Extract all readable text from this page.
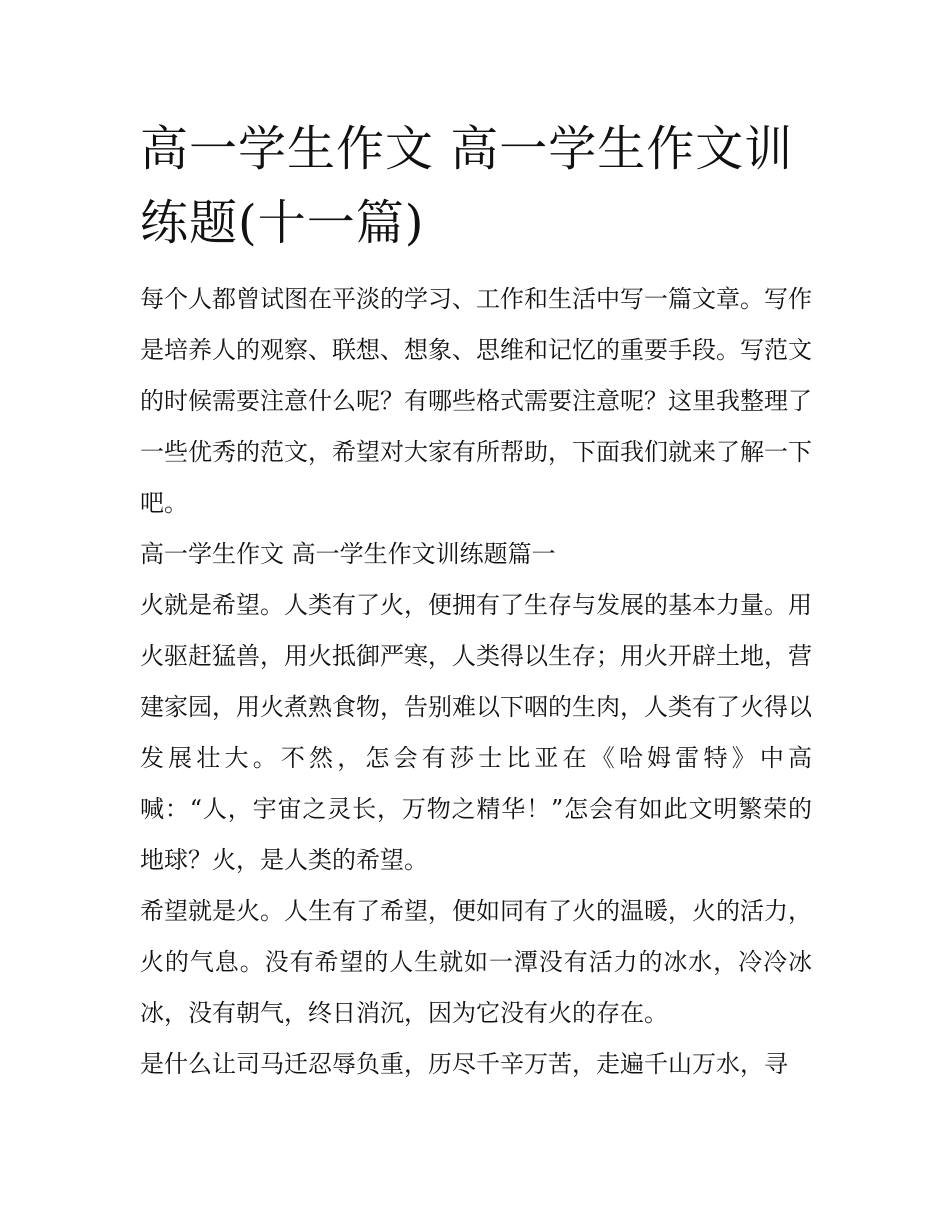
高一学生作文 高一学生作文训练题(十一篇)

每个人都曾试图在平淡的学习、工作和生活中写一篇文章。写作是培养人的观察、联想、想象、思维和记忆的重要手段。写范文的时候需要注意什么呢？有哪些格式需要注意呢？这里我整理了一些优秀的范文，希望对大家有所帮助，下面我们就来了解一下吧。

高一学生作文 高一学生作文训练题篇一

火就是希望。人类有了火，便拥有了生存与发展的基本力量。用火驱赶猛兽，用火抵御严寒，人类得以生存；用火开辟土地，营建家园，用火煮熟食物，告别难以下咽的生肉，人类有了火得以发展壮大。不然，怎会有莎士比亚在《哈姆雷特》中高喊：“人，宇宙之灵长，万物之精华！”怎会有如此文明繁荣的地球？火，是人类的希望。

希望就是火。人生有了希望，便如同有了火的温暖，火的活力，火的气息。没有希望的人生就如一潭没有活力的冰水，冷冷冰冰，没有朝气，终日消沉，因为它没有火的存在。

是什么让司马迁忍辱负重，历尽千辛万苦，走遍千山万水，寻
